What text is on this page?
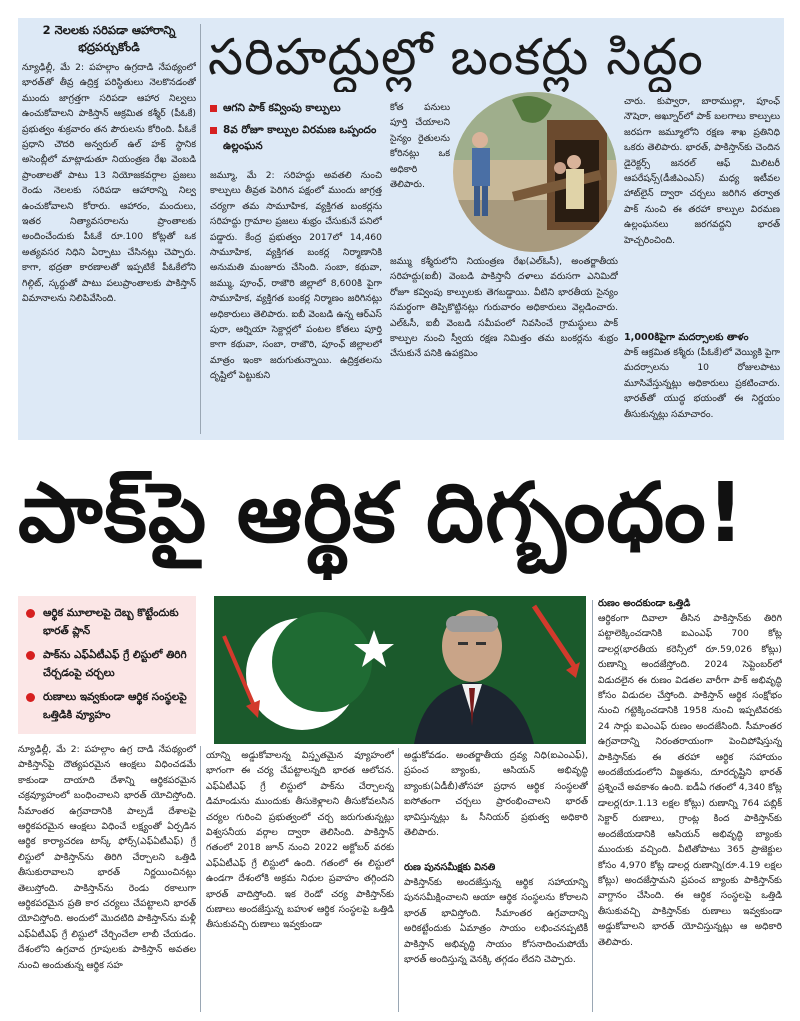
2 నెలలకు సరిపడా ఆహారాన్ని భద్రపర్చుకోండి
న్యూఢిల్లీ, మే 2: పహల్గాం ఉగ్రదాడి నేపథ్యంలో భారత్‌తో తీవ్ర ఉద్రిక్త పరిస్థితులు నెలకొనడంతో ముందు జాగ్రత్తగా సరిపడా ఆహార నిల్వలు ఉంచుకోవాలని పాకిస్తాన్ ఆక్రమిత కశ్మీర్ (పీఓకే) ప్రభుత్వం శుక్రవారం తన పౌరులను కోరింది. పీఓకే ప్రధాని చౌదరి అన్వరుల్ ఉల్ హక్ స్థానిక అసెంబ్లీలో మాట్లాడుతూ నియంత్రణ రేఖ వెంబడి ప్రాంతాలతో పాటు 13 నియోజకవర్గాల ప్రజలు రెండు నెలలకు సరిపడా ఆహారాన్ని నిల్వ ఉంచుకోవాలని కోరారు. ఆహారం, మందులు, ఇతర నిత్యావసరాలను ప్రాంతాలకు అందించేందుకు పీఓకే రూ.100 కోట్లతో ఒక అత్యవసర నిధిని ఏర్పాటు చేసినట్లు చెప్పారు. కాగా, భద్రతా కారణాలతో ఇప్పటికే పీఓకేలోని గిల్గిట్, స్కర్దుతో పాటు పలుప్రాంతాలకు పాకిస్తాన్ విమానాలను నిలిపివేసింది.
సరిహద్దుల్లో బంకర్లు సిద్ధం
ఆగని పాక్ కవ్వింపు కాల్పులు
8వ రోజూ కాల్పుల విరమణ ఒప్పందం ఉల్లంఘన
జమ్మూ, మే 2: సరిహద్దు అవతలి నుంచి కాల్పులు తీవ్రత పెరిగిన పక్షంలో ముందు జాగ్రత్త చర్యగా తమ సామూహిక, వ్యక్తిగత బంకర్లను సరిహద్దు గ్రామాల ప్రజలు శుభ్రం చేసుకునే పనిలో పడ్డారు. కేంద్ర ప్రభుత్వం 2017లో 14,460 సామూహిక, వ్యక్తిగత బంకర్ల నిర్మాణానికి అనుమతి మంజూరు చేసింది. సంబా, కథువా, జమ్ము, పూంఛ్, రాజౌరి జిల్లాలో 8,600కి పైగా సామూహిక, వ్యక్తిగత బంకర్ల నిర్మాణం జరిగినట్లు అధికారులు తెలిపారు. ఐబీ వెంబడి ఉన్న ఆర్‌ఎస్ పురా, ఆర్నియా సెక్టార్లలో పంటల కోతలు పూర్తి కాగా కథువా, సంబా, రాజౌరి, పూంఛ్ జిల్లాలలో మాత్రం ఇంకా జరుగుతున్నాయి. ఉద్రిక్తతలను దృష్టిలో పెట్టుకుని
కోత పనులు పూర్తి చేయాలని సైన్యం రైతులను కోరినట్లు ఒక అధికారి తెలిపారు.
జమ్ము కశ్మీరులోని నియంత్రణ రేఖ(ఎల్‌ఓసీ), అంతర్జాతీయ సరిహద్దు(ఐబీ) వెంబడి పాకిస్తానీ దళాలు వరుసగా ఎనిమిదో రోజూ కవ్వింపు కాల్పులకు తెగబడ్డాయి. వీటిని భారతీయ సైన్యం సమర్థంగా తిప్పికొట్టినట్లు గురువారం అధికారులు వెల్లడించారు. ఎల్‌ఓసీ, ఐబీ వెంబడి సమీపంలో నివసించే గ్రామస్థులు పాక్ కాల్పుల నుంచి స్వీయ రక్షణ నిమిత్తం తమ బంకర్లను శుభ్రం చేసుకునే పనికి ఉపక్రమిం
చారు. కుప్వారా, బారాముల్లా, పూంఛ్ నౌషెరా, అఖ్నూర్‌లో పాక్ బలగాలు కాల్పులు జరపగా జమ్మూలోని రక్షణ శాఖ ప్రతినిధి ఒకరు తెలిపారు. భారత్, పాకిస్తాన్‌కు చెందిన డైరెక్టర్స్ జనరల్ ఆఫ్ మిలిటరీ ఆపరేషన్స్(డీజీఎంఎస్) మధ్య ఇటీవల హాట్‌లైన్ ద్వారా చర్చలు జరిగిన తర్వాత పాక్ నుంచి ఈ తరహా కాల్పుల విరమణ ఉల్లంఘనలు జరగవద్దని భారత్ హెచ్చరించింది.
1,000కిపైగా మదర్సాలకు తాళం
పాక్ ఆక్రమిత కశ్మీరు (పీఓకే)లో వెయ్యికి పైగా మదర్సాలను 10 రోజులపాటు మూసివేస్తున్నట్లు అధికారులు ప్రకటించారు. భారత్‌తో యుద్ధ భయంతో ఈ నిర్ణయం తీసుకున్నట్లు సమాచారం.
పాక్‌పై ఆర్థిక దిగ్బంధం!
ఆర్థిక మూలాలపై దెబ్బ కొట్టేందుకు భారత్ ప్లాన్
పాక్‌ను ఎఫ్ఏటీఎఫ్ గ్రే లిస్టులో తిరిగి చేర్చడంపై చర్చలు
రుణాలు ఇవ్వకుండా ఆర్థిక సంస్థలపై ఒత్తిడికి వ్యూహం
న్యూఢిల్లీ, మే 2: పహల్గాం ఉగ్ర దాడి నేపథ్యంలో పాకిస్తాన్‌పై దౌత్యపరమైన ఆంక్షలు విధించడమే కాకుండా దాయాది దేశాన్ని ఆర్థికపరమైన చక్రవ్యూహంలో బంధించాలని భారత్ యోచిస్తోంది. సీమాంతర ఉగ్రవాదానికి పాల్పడే దేశాలపై ఆర్థికపరమైన ఆంక్షలు విధించే లక్ష్యంతో ఏర్పడిన ఆర్థిక కార్యాచరణ టాస్క్ ఫోర్స్(ఎఫ్ఏటీఎఫ్) గ్రే లిస్టులో పాకిస్తాన్‌ను తిరిగి చేర్చాలని ఒత్తిడి తీసుకురావాలని భారత్ నిర్ణయించినట్లు తెలుస్తోంది. పాకిస్తాన్‌ను రెండు రకాలుగా ఆర్థికపరమైన ప్రతి కార చర్యలు చేపట్టాలని భారత్ యోచిస్తోంది. అందులో మొదటిది పాకిస్తాన్‌ను మళ్లీ ఎఫ్ఏటీఎఫ్ గ్రే లిస్టులో చేర్చించేలా లాబీ చేయడం. దేశంలోని ఉగ్రవాద గ్రూపులకు పాకిస్తాన్ అవతల నుంచి అందుతున్న ఆర్థిక సహ
యాన్ని అడ్డుకోవాలన్న విస్తృతమైన వ్యూహంలో భాగంగా ఈ చర్య చేపట్టాలన్నది భారత ఆలోచన. ఎఫ్ఏటీఎఫ్ గ్రే లిస్టులో పాక్‌ను చేర్చాలన్న డిమాండును ముందుకు తీసుకెళ్లాలని తీసుకోవలసిన చర్యల గురించి ప్రభుత్వంలో చర్చ జరుగుతున్నట్లు విశ్వసనీయ వర్గాల ద్వారా తెలిసింది. పాకిస్తాన్ గతంలో 2018 జూన్ నుంచి 2022 అక్టోబర్ వరకు ఎఫ్ఏటీఎఫ్ గ్రే లిస్టులో ఉంది. గతంలో ఈ లిస్టులో ఉండగా దేశంలోకి అక్రమ నిధుల ప్రవాహం తగ్గిందని భారత్ వాదిస్తోంది. ఇక రెండో చర్య పాకిస్తాన్‌కు రుణాలు అందజేస్తున్న బహుళ ఆర్థిక సంస్థలపై ఒత్తిడి తీసుకువచ్చి రుణాలు ఇవ్వకుండా
అడ్డుకోవడం. అంతర్జాతీయ ద్రవ్య నిధి(ఐఎంఎఫ్), ప్రపంచ బ్యాంకు, ఆసియన్ అభివృద్ధి బ్యాంకు(ఏడీబీ)తోసహా ప్రధాన ఆర్థిక సంస్థలతో ఐసోతంగా చర్చలు ప్రారంభించాలని భారత్ భావిస్తున్నట్లు ఓ సీనియర్ ప్రభుత్వ అధికారి తెలిపారు.
రుణ పునసమీక్షకు వినతి
పాకిస్తాన్‌కు అందజేస్తున్న ఆర్థిక సహాయాన్ని పునసమీక్షించాలని ఆయా ఆర్థిక సంస్థలను కోరాలని భారత్ భావిస్తోంది. సీమాంతర ఉగ్రవాదాన్ని అరికట్టేందుకు ఏమాత్రం సాయం లభించనప్పటికీ పాకిస్తాన్ అభివృద్ధి సాయం కోసనాదించుపోయే భారత్ అందిస్తున్న వెనక్కి తగ్గడం లేదని చెప్పారు.
రుణం అందకుండా ఒత్తిడి
ఆర్థికంగా దివాలా తీసిన పాకిస్తాన్‌కు తిరిగి పట్టాలెక్కించడానికి ఐఎంఎఫ్ 700 కోట్ల డాలర్ల(భారతీయ కరెన్సీలో రూ.59,026 కోట్లు) రుణాన్ని అందజేస్తోంది. 2024 సెప్టెంబర్‌లో విడుదలైన ఈ రుణం విడతల వారీగా పాక్ అభివృద్ధి కోసం విడుదల చేస్తోంది. పాకిస్తాన్ ఆర్థిక సంక్షోభం నుంచి గట్టెక్కించడానికి 1958 నుంచి ఇప్పటివరకు 24 సార్లు ఐఎంఎఫ్ రుణం అందజేసింది. సీమాంతర ఉగ్రవాదాన్ని నిరంతరాయంగా పెంచిపోషిస్తున్న పాకిస్తాన్‌కు ఈ తరహా ఆర్థిక సహాయం అందజేయడంలోని విజ్ఞతను, దూరదృష్టిని భారత్ ప్రశ్నించే అవకాశం ఉంది. ఐడీఏ గతంలో 4,340 కోట్ల డాలర్ల(రూ.1.13 లక్షల కోట్లు) రుణాన్ని 764 పబ్లిక్ సెక్టార్ రుణాలు, గ్రాంట్ల కింద పాకిస్తాన్‌కు అందజేయడానికి ఆసియన్ అభివృద్ధి బ్యాంకు ముందుకు వచ్చింది. వీటితోపాటు 365 ప్రాజెక్టుల కోసం 4,970 కోట్ల డాలర్ల రుణాన్ని(రూ.4.19 లక్షల కోట్లు) అందజేస్తామని ప్రపంచ బ్యాంకు పాకిస్తాన్‌కు వాగ్దానం చేసింది. ఈ ఆర్థిక సంస్థలపై ఒత్తిడి తీసుకువచ్చి పాకిస్తాన్‌కు రుణాలు ఇవ్వకుండా అడ్డుకోవాలని భారత్ యోచిస్తున్నట్లు ఆ అధికారి తెలిపారు.
